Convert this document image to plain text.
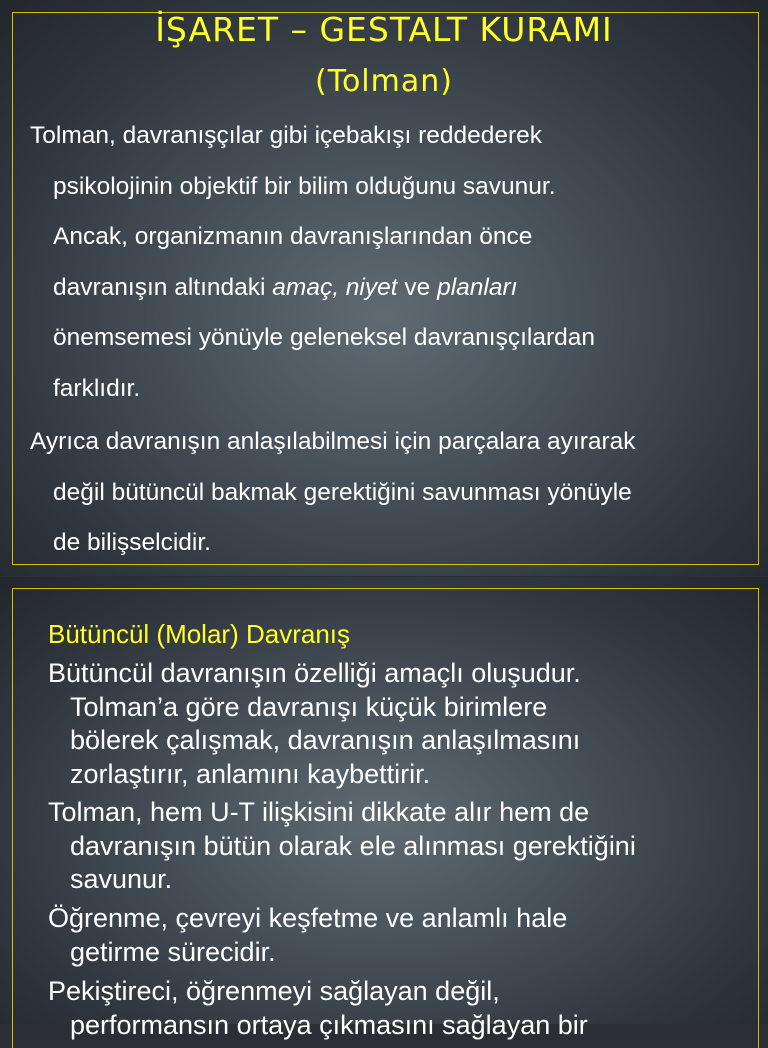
İŞARET – GESTALT KURAMI
(Tolman)
Tolman, davranışçılar gibi içebakışı reddederek
psikolojinin objektif bir bilim olduğunu savunur.
Ancak, organizmanın davranışlarından önce
davranışın altındaki amaç, niyet ve planları
önemsemesi yönüyle geleneksel davranışçılardan
farklıdır.
Ayrıca davranışın anlaşılabilmesi için parçalara ayırarak
değil bütüncül bakmak gerektiğini savunması yönüyle
de bilişselcidir.
Bütüncül (Molar) Davranış
Bütüncül davranışın özelliği amaçlı oluşudur.
Tolman’a göre davranışı küçük birimlere
bölerek çalışmak, davranışın anlaşılmasını
zorlaştırır, anlamını kaybettirir.
Tolman, hem U-T ilişkisini dikkate alır hem de
davranışın bütün olarak ele alınması gerektiğini
savunur.
Öğrenme, çevreyi keşfetme ve anlamlı hale
getirme sürecidir.
Pekiştireci, öğrenmeyi sağlayan değil,
performansın ortaya çıkmasını sağlayan bir
